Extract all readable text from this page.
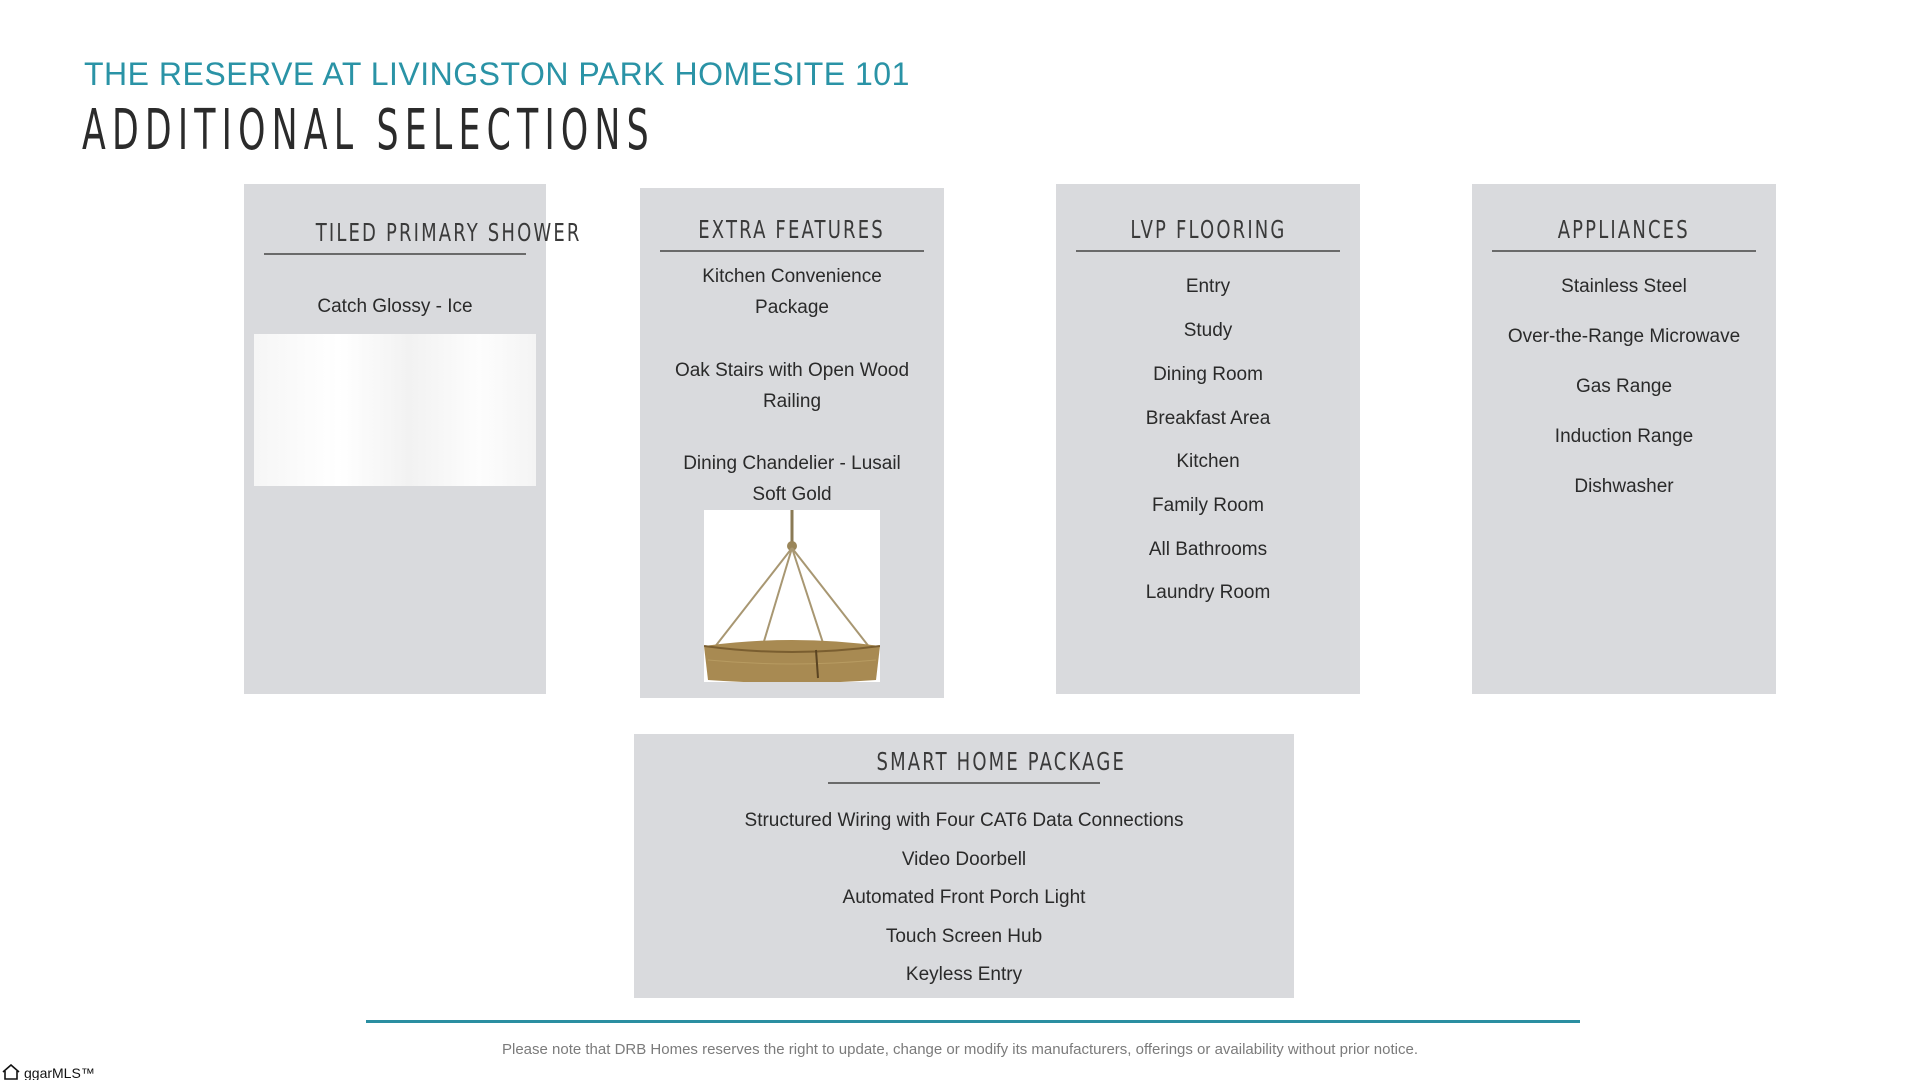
THE RESERVE AT LIVINGSTON PARK HOMESITE 101
ADDITIONAL SELECTIONS
TILED PRIMARY SHOWER
Catch Glossy - Ice
EXTRA FEATURES
Kitchen Convenience
Package
Oak Stairs with Open Wood
Railing
Dining Chandelier - Lusail
Soft Gold
LVP FLOORING
Entry
Study
Dining Room
Breakfast Area
Kitchen
Family Room
All Bathrooms
Laundry Room
APPLIANCES
Stainless Steel
Over-the-Range Microwave
Gas Range
Induction Range
Dishwasher
SMART HOME PACKAGE
Structured Wiring with Four CAT6 Data Connections
Video Doorbell
Automated Front Porch Light
Touch Screen Hub
Keyless Entry
Please note that DRB Homes reserves the right to update, change or modify its manufacturers, offerings or availability without prior notice.
ggarMLS™
